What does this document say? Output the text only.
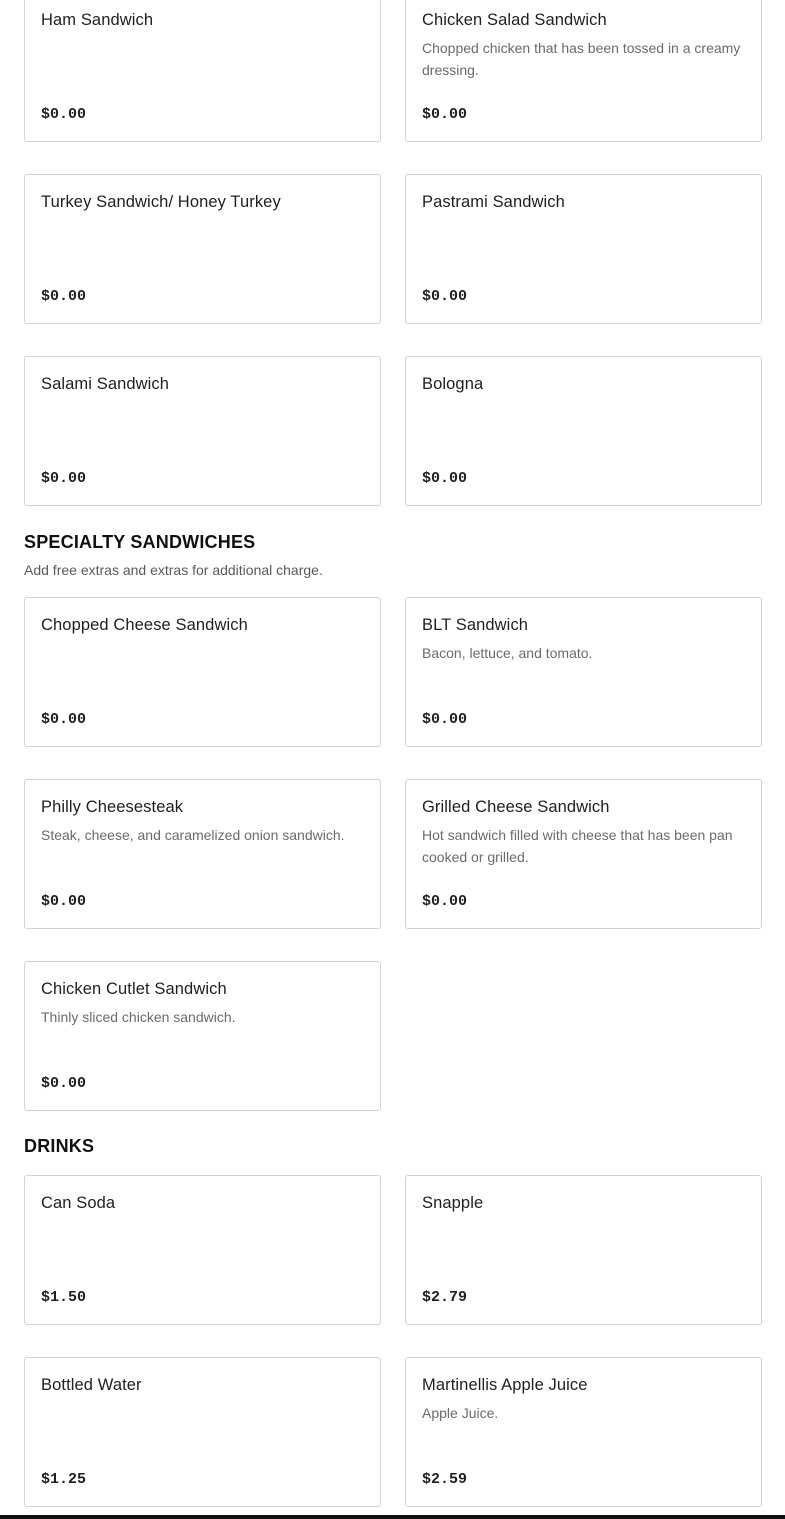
Ham Sandwich
$0.00
Chicken Salad Sandwich
Chopped chicken that has been tossed in a creamy dressing.
$0.00
Turkey Sandwich/ Honey Turkey
$0.00
Pastrami Sandwich
$0.00
Salami Sandwich
$0.00
Bologna
$0.00
SPECIALTY SANDWICHES
Add free extras and extras for additional charge.
Chopped Cheese Sandwich
$0.00
BLT Sandwich
Bacon, lettuce, and tomato.
$0.00
Philly Cheesesteak
Steak, cheese, and caramelized onion sandwich.
$0.00
Grilled Cheese Sandwich
Hot sandwich filled with cheese that has been pan cooked or grilled.
$0.00
Chicken Cutlet Sandwich
Thinly sliced chicken sandwich.
$0.00
DRINKS
Can Soda
$1.50
Snapple
$2.79
Bottled Water
$1.25
Martinellis Apple Juice
Apple Juice.
$2.59
